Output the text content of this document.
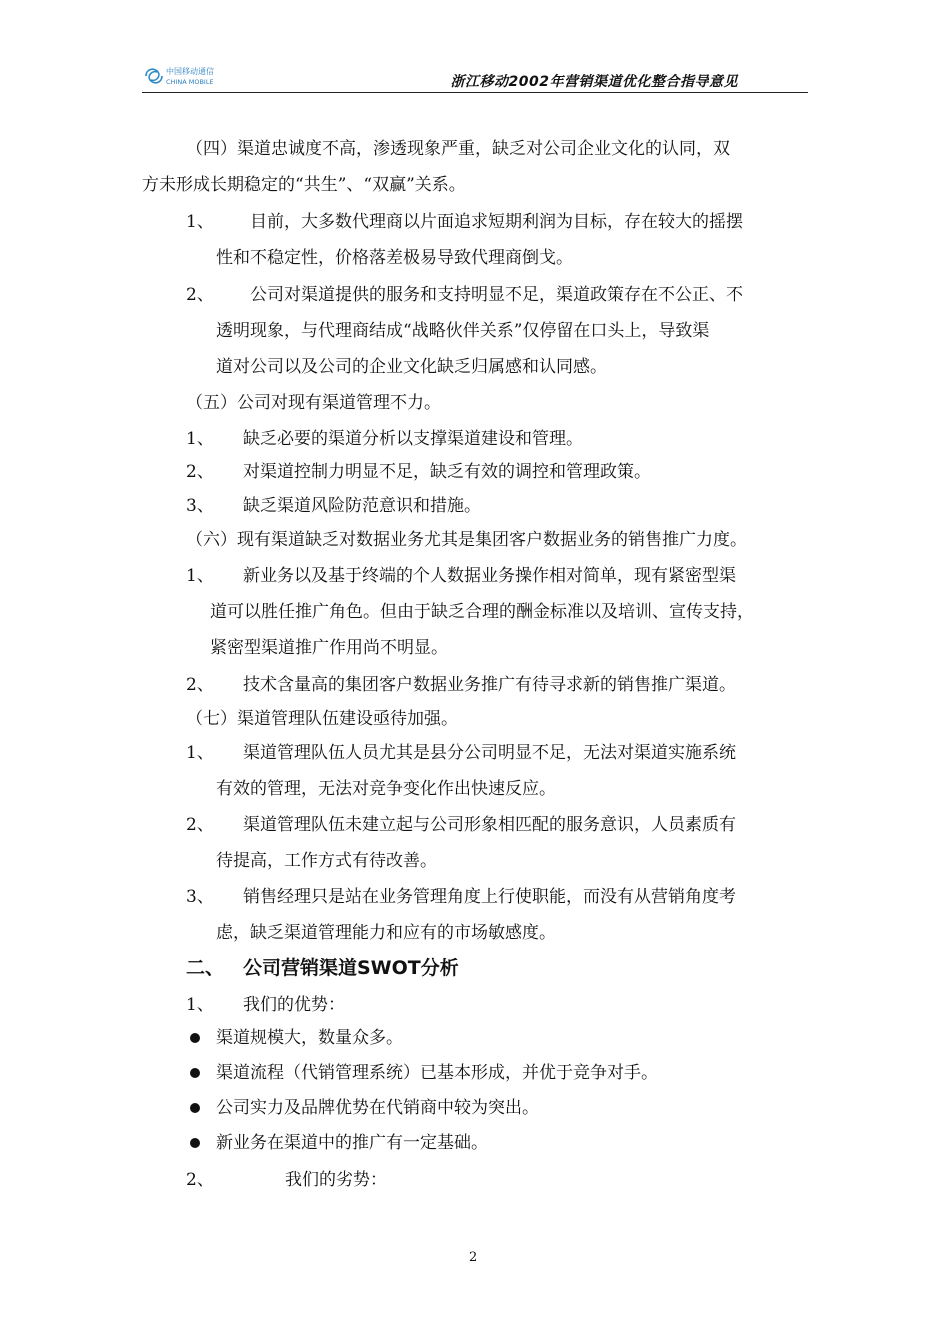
中国移动通信
CHINA MOBILE	浙江移动2002年营销渠道优化整合指导意见
（四）渠道忠诚度不高，渗透现象严重，缺乏对公司企业文化的认同，双
方未形成长期稳定的“共生”、“双赢”关系。
1、 目前，大多数代理商以片面追求短期利润为目标，存在较大的摇摆
性和不稳定性，价格落差极易导致代理商倒戈。
2、 公司对渠道提供的服务和支持明显不足，渠道政策存在不公正、不
透明现象，与代理商结成“战略伙伴关系”仅停留在口头上，导致渠
道对公司以及公司的企业文化缺乏归属感和认同感。
（五）公司对现有渠道管理不力。
1、 缺乏必要的渠道分析以支撑渠道建设和管理。
2、 对渠道控制力明显不足，缺乏有效的调控和管理政策。
3、 缺乏渠道风险防范意识和措施。
（六）现有渠道缺乏对数据业务尤其是集团客户数据业务的销售推广力度。
1、 新业务以及基于终端的个人数据业务操作相对简单，现有紧密型渠
道可以胜任推广角色。但由于缺乏合理的酬金标准以及培训、宣传支持，
紧密型渠道推广作用尚不明显。
2、 技术含量高的集团客户数据业务推广有待寻求新的销售推广渠道。
（七）渠道管理队伍建设亟待加强。
1、 渠道管理队伍人员尤其是县分公司明显不足，无法对渠道实施系统
有效的管理，无法对竞争变化作出快速反应。
2、 渠道管理队伍未建立起与公司形象相匹配的服务意识，人员素质有
待提高，工作方式有待改善。
3、 销售经理只是站在业务管理角度上行使职能，而没有从营销角度考
虑，缺乏渠道管理能力和应有的市场敏感度。
二、 公司营销渠道SWOT分析
1、 我们的优势：
渠道规模大，数量众多。
渠道流程（代销管理系统）已基本形成，并优于竞争对手。
公司实力及品牌优势在代销商中较为突出。
新业务在渠道中的推广有一定基础。
2、	我们的劣势：
2
